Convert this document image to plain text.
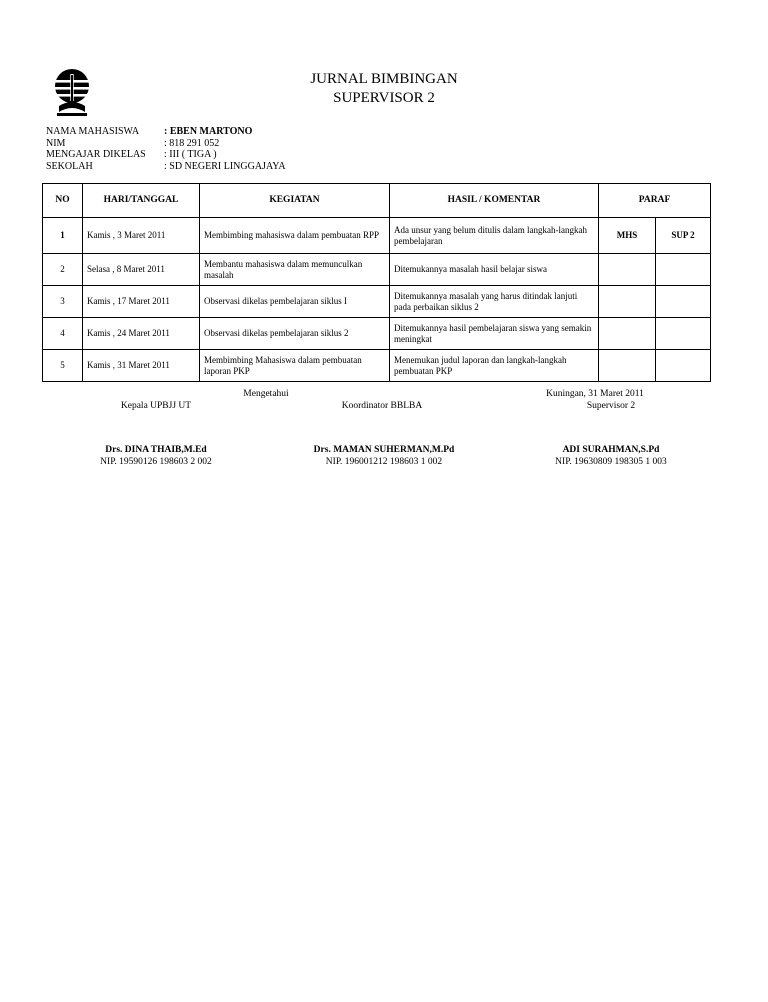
JURNAL BIMBINGAN
SUPERVISOR 2
NAMA MAHASISWA	: EBEN MARTONO
NIM	: 818 291 052
MENGAJAR DIKELAS	: III ( TIGA )
SEKOLAH	: SD NEGERI LINGGAJAYA
NO	HARI/TANGGAL	KEGIATAN	HASIL / KOMENTAR	PARAF	
1	Kamis , 3 Maret 2011	Membimbing mahasiswa dalam pembuatan RPP	Ada unsur yang belum ditulis dalam langkah-langkah pembelajaran	MHS	SUP 2
2	Selasa , 8 Maret 2011	Membantu mahasiswa dalam memunculkan masalah	Ditemukannya masalah hasil belajar siswa		
3	Kamis , 17 Maret 2011	Observasi dikelas pembelajaran siklus I	Ditemukannya masalah yang harus ditindak lanjuti pada perbaikan siklus 2		
4	Kamis , 24 Maret 2011	Observasi dikelas pembelajaran siklus 2	Ditemukannya hasil pembelajaran siswa yang semakin meningkat		
5	Kamis , 31 Maret 2011	Membimbing Mahasiswa dalam pembuatan laporan PKP	Menemukan judul laporan dan langkah-langkah pembuatan PKP		
Mengetahui	Kuningan, 31 Maret 2011
Kepala UPBJJ UT	Koordinator BBLBA	Supervisor 2
Drs. DINA THAIB,M.Ed
NIP. 19590126 198603 2 002
Drs. MAMAN SUHERMAN,M.Pd
NIP. 196001212 198603 1 002
ADI SURAHMAN,S.Pd
NIP. 19630809 198305 1 003
